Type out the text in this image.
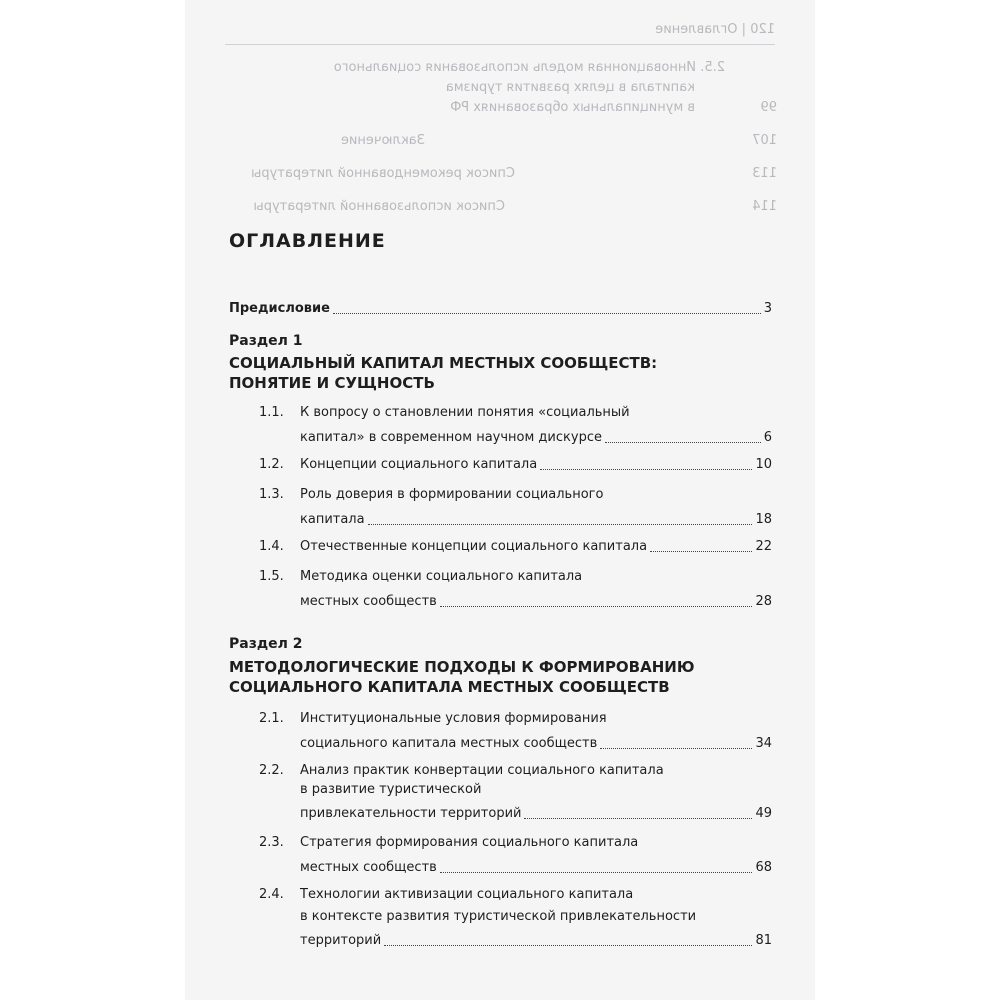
120 | Оглавление
2.5. Инновационная модель использования социального
капитала в целях развития туризма
в муниципальных образованиях РФ	99
Заключение	107
Список рекомендованной литературы	113
Список использованной литературы	114
ОГЛАВЛЕНИЕ
Предисловие	3
Раздел 1
СОЦИАЛЬНЫЙ КАПИТАЛ МЕСТНЫХ СООБЩЕСТВ:
ПОНЯТИЕ И СУЩНОСТЬ
1.1. К вопросу о становлении понятия «социальный
капитал» в современном научном дискурсе	6
1.2. Концепции социального капитала	10
1.3. Роль доверия в формировании социального
капитала	18
1.4. Отечественные концепции социального капитала	22
1.5. Методика оценки социального капитала
местных сообществ	28
Раздел 2
МЕТОДОЛОГИЧЕСКИЕ ПОДХОДЫ К ФОРМИРОВАНИЮ
СОЦИАЛЬНОГО КАПИТАЛА МЕСТНЫХ СООБЩЕСТВ
2.1. Институциональные условия формирования
социального капитала местных сообществ	34
2.2. Анализ практик конвертации социального капитала
в развитие туристической
привлекательности территорий	49
2.3. Стратегия формирования социального капитала
местных сообществ	68
2.4. Технологии активизации социального капитала
в контексте развития туристической привлекательности
территорий	81
